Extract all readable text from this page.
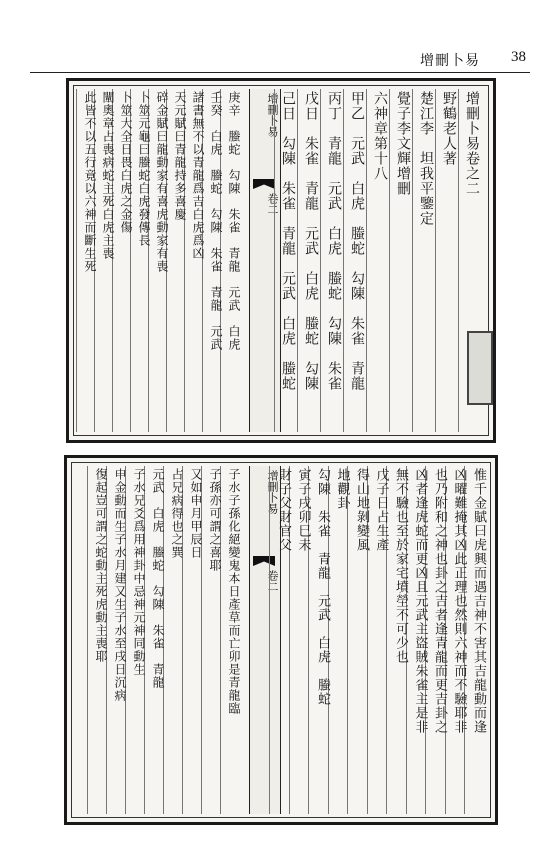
增刪卜易 38
增刪卜易
卷二
增刪卜易卷之二
野鶴老人著
楚江李　坦我平鑒定
覺子李文輝增刪
六神章第十八
甲乙　元武　白虎　螣蛇　勾陳　朱雀　青龍
丙丁　青龍　元武　白虎　螣蛇　勾陳　朱雀
戊日　朱雀　青龍　元武　白虎　螣蛇　勾陳
己日　勾陳　朱雀　青龍　元武　白虎　螣蛇
庚辛　螣蛇　勾陳　朱雀　青龍　元武　白虎
壬癸　白虎　螣蛇　勾陳　朱雀　青龍　元武
諸書無不以青龍爲吉白虎爲凶
天元賦曰青龍持多喜慶
碎金賦曰龍動家有喜虎動家有喪
卜筮元龜曰螣蛇白虎發傳長
卜筮大全日畏白虎之金傷
闡奧章占喪病蛇主死白虎主喪
此皆不以五行竟以六神而斷生死
增刪卜易
卷二	惟千金賦曰虎興而遇吉神不害其吉龍動而逢
凶曜難掩其凶此正理也然則六神而不驗耶非
也乃附和之神也卦之吉者逢青龍而更吉卦之
凶者逢虎蛇而更凶且元武主盜賊朱雀主是非
無不驗也至於家宅墳塋不可少也
戊子日占生產
得山地剝變風
地觀卦
勾陳　朱雀　青龍　元武　白虎　螣蛇
寅子戌卯巳未
財子父財官父
子水子孫化絕變鬼本日產草而亡卯是青龍臨
子孫亦可謂之喜耶
又如申月甲辰日
占兄病得也之巽
元武　白虎　螣蛇　勾陳　朱雀　青龍
子水兄爻爲用神卦中忌神元神同動生
申金動而生子水月建又生子水至戌日沉病
復起豈可謂之蛇動主死虎動主喪耶
